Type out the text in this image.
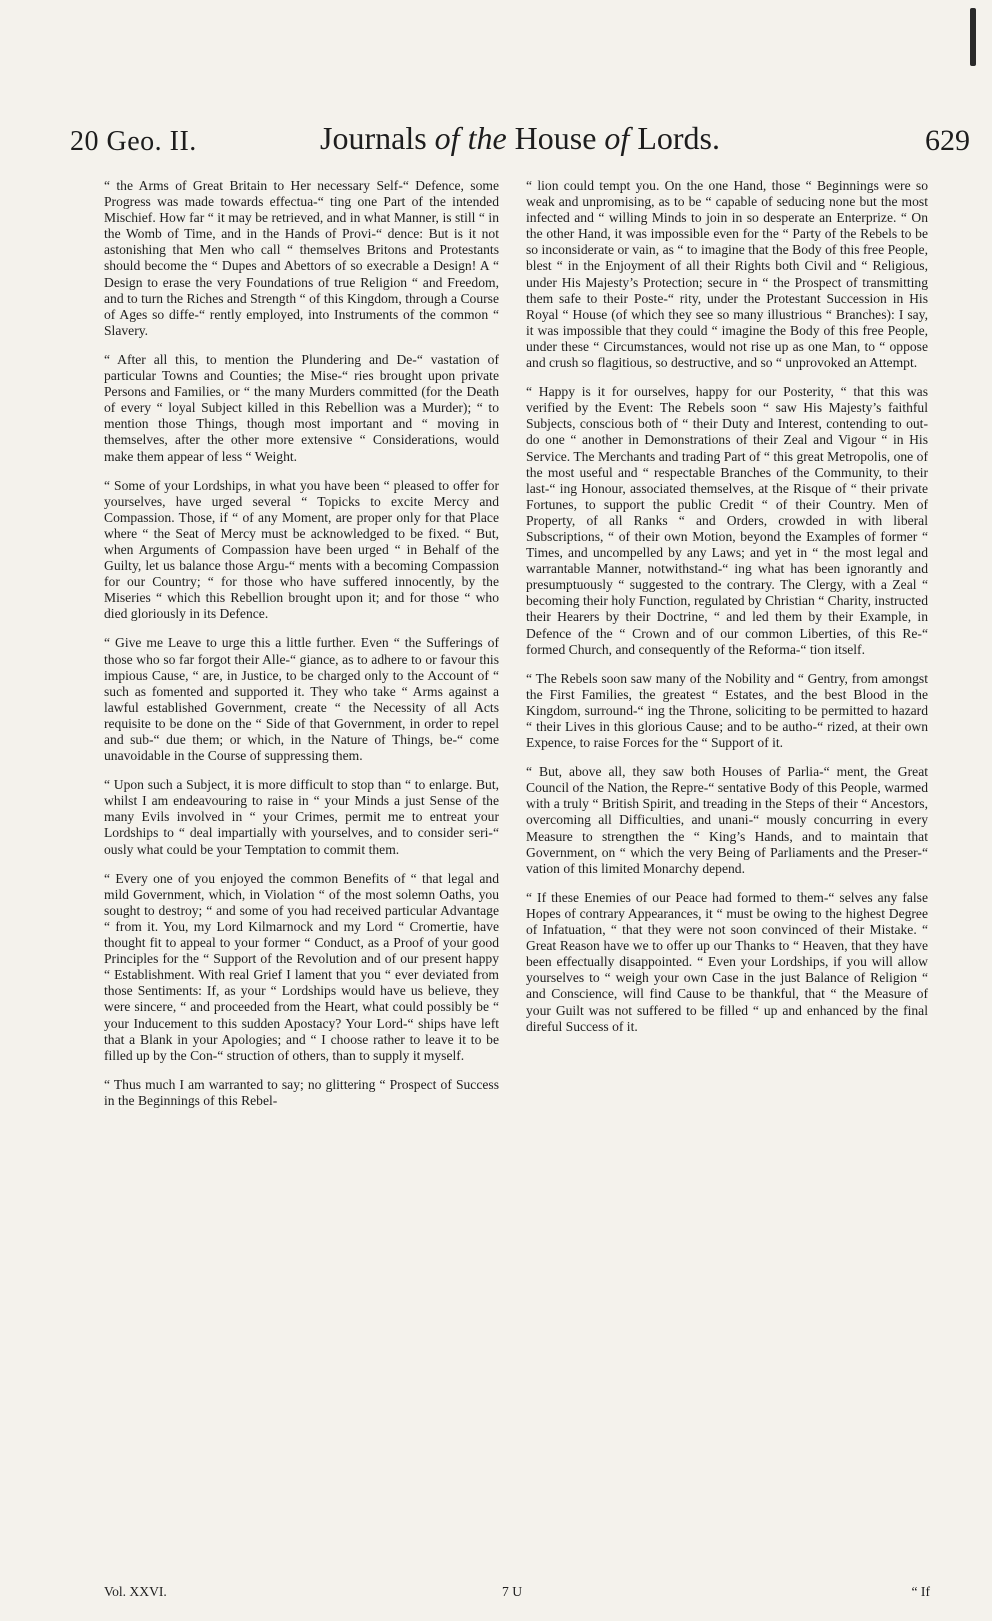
20 Geo. II.	Journals of the House of Lords.	629

“ the Arms of Great Britain to Her necessary Self-“ Defence, some Progress was made towards effectua-“ ting one Part of the intended Mischief. How far “ it may be retrieved, and in what Manner, is still “ in the Womb of Time, and in the Hands of Provi-“ dence: But is it not astonishing that Men who call “ themselves Britons and Protestants should become the “ Dupes and Abettors of so execrable a Design! A “ Design to erase the very Foundations of true Religion “ and Freedom, and to turn the Riches and Strength “ of this Kingdom, through a Course of Ages so diffe-“ rently employed, into Instruments of the common “ Slavery.

“ After all this, to mention the Plundering and De-“ vastation of particular Towns and Counties; the Mise-“ ries brought upon private Persons and Families, or “ the many Murders committed (for the Death of every “ loyal Subject killed in this Rebellion was a Murder); “ to mention those Things, though most important and “ moving in themselves, after the other more extensive “ Considerations, would make them appear of less “ Weight.

“ Some of your Lordships, in what you have been “ pleased to offer for yourselves, have urged several “ Topicks to excite Mercy and Compassion. Those, if “ of any Moment, are proper only for that Place where “ the Seat of Mercy must be acknowledged to be fixed. “ But, when Arguments of Compassion have been urged “ in Behalf of the Guilty, let us balance those Argu-“ ments with a becoming Compassion for our Country; “ for those who have suffered innocently, by the Miseries “ which this Rebellion brought upon it; and for those “ who died gloriously in its Defence.

“ Give me Leave to urge this a little further. Even “ the Sufferings of those who so far forgot their Alle-“ giance, as to adhere to or favour this impious Cause, “ are, in Justice, to be charged only to the Account of “ such as fomented and supported it. They who take “ Arms against a lawful established Government, create “ the Necessity of all Acts requisite to be done on the “ Side of that Government, in order to repel and sub-“ due them; or which, in the Nature of Things, be-“ come unavoidable in the Course of suppressing them.

“ Upon such a Subject, it is more difficult to stop than “ to enlarge. But, whilst I am endeavouring to raise in “ your Minds a just Sense of the many Evils involved in “ your Crimes, permit me to entreat your Lordships to “ deal impartially with yourselves, and to consider seri-“ ously what could be your Temptation to commit them.

“ Every one of you enjoyed the common Benefits of “ that legal and mild Government, which, in Violation “ of the most solemn Oaths, you sought to destroy; “ and some of you had received particular Advantage “ from it. You, my Lord Kilmarnock and my Lord “ Cromertie, have thought fit to appeal to your former “ Conduct, as a Proof of your good Principles for the “ Support of the Revolution and of our present happy “ Establishment. With real Grief I lament that you “ ever deviated from those Sentiments: If, as your “ Lordships would have us believe, they were sincere, “ and proceeded from the Heart, what could possibly be “ your Inducement to this sudden Apostacy? Your Lord-“ ships have left that a Blank in your Apologies; and “ I choose rather to leave it to be filled up by the Con-“ struction of others, than to supply it myself.

“ Thus much I am warranted to say; no glittering “ Prospect of Success in the Beginnings of this Rebel-

“ lion could tempt you. On the one Hand, those “ Beginnings were so weak and unpromising, as to be “ capable of seducing none but the most infected and “ willing Minds to join in so desperate an Enterprize. “ On the other Hand, it was impossible even for the “ Party of the Rebels to be so inconsiderate or vain, as “ to imagine that the Body of this free People, blest “ in the Enjoyment of all their Rights both Civil and “ Religious, under His Majesty’s Protection; secure in “ the Prospect of transmitting them safe to their Poste-“ rity, under the Protestant Succession in His Royal “ House (of which they see so many illustrious “ Branches): I say, it was impossible that they could “ imagine the Body of this free People, under these “ Circumstances, would not rise up as one Man, to “ oppose and crush so flagitious, so destructive, and so “ unprovoked an Attempt.

“ Happy is it for ourselves, happy for our Posterity, “ that this was verified by the Event: The Rebels soon “ saw His Majesty’s faithful Subjects, conscious both of “ their Duty and Interest, contending to out-do one “ another in Demonstrations of their Zeal and Vigour “ in His Service. The Merchants and trading Part of “ this great Metropolis, one of the most useful and “ respectable Branches of the Community, to their last-“ ing Honour, associated themselves, at the Risque of “ their private Fortunes, to support the public Credit “ of their Country. Men of Property, of all Ranks “ and Orders, crowded in with liberal Subscriptions, “ of their own Motion, beyond the Examples of former “ Times, and uncompelled by any Laws; and yet in “ the most legal and warrantable Manner, notwithstand-“ ing what has been ignorantly and presumptuously “ suggested to the contrary. The Clergy, with a Zeal “ becoming their holy Function, regulated by Christian “ Charity, instructed their Hearers by their Doctrine, “ and led them by their Example, in Defence of the “ Crown and of our common Liberties, of this Re-“ formed Church, and consequently of the Reforma-“ tion itself.

“ The Rebels soon saw many of the Nobility and “ Gentry, from amongst the First Families, the greatest “ Estates, and the best Blood in the Kingdom, surround-“ ing the Throne, soliciting to be permitted to hazard “ their Lives in this glorious Cause; and to be autho-“ rized, at their own Expence, to raise Forces for the “ Support of it.

“ But, above all, they saw both Houses of Parlia-“ ment, the Great Council of the Nation, the Repre-“ sentative Body of this People, warmed with a truly “ British Spirit, and treading in the Steps of their “ Ancestors, overcoming all Difficulties, and unani-“ mously concurring in every Measure to strengthen the “ King’s Hands, and to maintain that Government, on “ which the very Being of Parliaments and the Preser-“ vation of this limited Monarchy depend.

“ If these Enemies of our Peace had formed to them-“ selves any false Hopes of contrary Appearances, it “ must be owing to the highest Degree of Infatuation, “ that they were not soon convinced of their Mistake. “ Great Reason have we to offer up our Thanks to “ Heaven, that they have been effectually disappointed. “ Even your Lordships, if you will allow yourselves to “ weigh your own Case in the just Balance of Religion “ and Conscience, will find Cause to be thankful, that “ the Measure of your Guilt was not suffered to be filled “ up and enhanced by the final direful Success of it.

Vol. XXVI.	7 U	“ If
